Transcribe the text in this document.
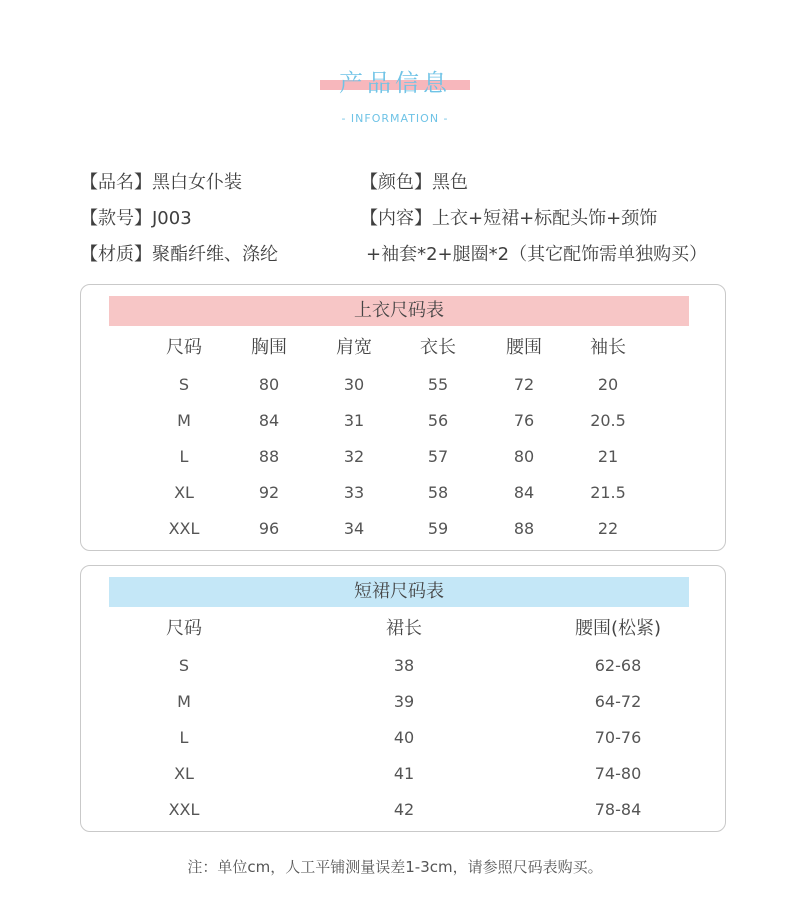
产品信息
- INFORMATION -
【品名】黑白女仆装
【款号】J003
【材质】聚酯纤维、涤纶
【颜色】黑色
【内容】上衣+短裙+标配头饰+颈饰
+袖套*2+腿圈*2（其它配饰需单独购买）
上衣尺码表
尺码	胸围	肩宽	衣长	腰围	袖长
S	80	30	55	72	20
M	84	31	56	76	20.5
L	88	32	57	80	21
XL	92	33	58	84	21.5
XXL	96	34	59	88	22
短裙尺码表
尺码	裙长	腰围(松紧)
S	38	62-68
M	39	64-72
L	40	70-76
XL	41	74-80
XXL	42	78-84
注：单位cm，人工平铺测量误差1-3cm，请参照尺码表购买。
